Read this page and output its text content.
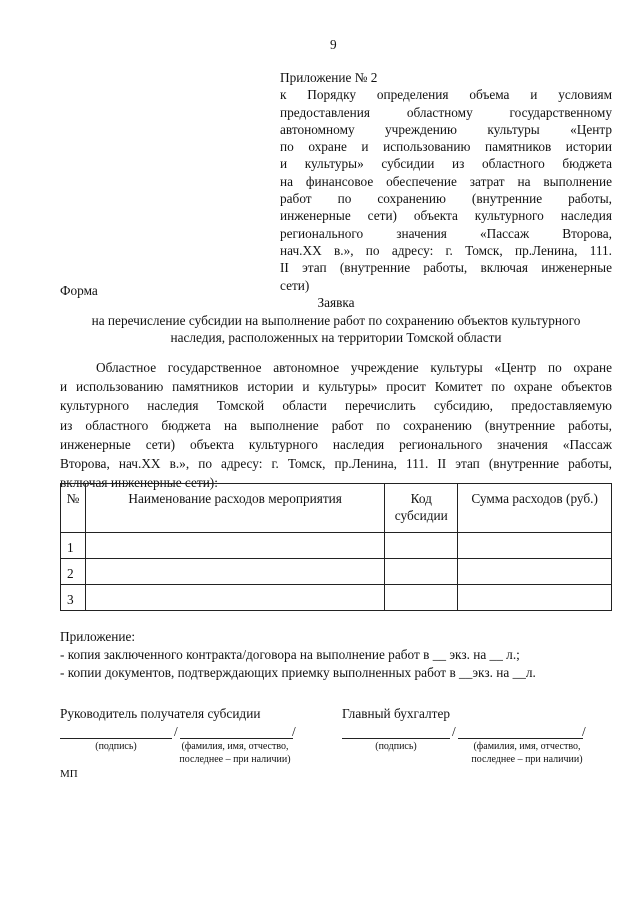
9
Приложение № 2
к Порядку определения объема и условиям
предоставления областному государственному
автономному учреждению культуры «Центр
по охране и использованию памятников истории
и культуры» субсидии из областного бюджета
на финансовое обеспечение затрат на выполнение
работ по сохранению (внутренние работы,
инженерные сети) объекта культурного наследия
регионального значения «Пассаж Второва,
нач.XX в.», по адресу: г. Томск, пр.Ленина, 111.
II этап (внутренние работы, включая инженерные
сети)
Форма
Заявка
на перечисление субсидии на выполнение работ по сохранению объектов культурного
наследия, расположенных на территории Томской области
Областное государственное автономное учреждение культуры «Центр по охране
и использованию памятников истории и культуры» просит Комитет по охране объектов
культурного наследия Томской области перечислить субсидию, предоставляемую
из областного бюджета на выполнение работ по сохранению (внутренние работы,
инженерные сети) объекта культурного наследия регионального значения «Пассаж
Второва, нач.XX в.», по адресу: г. Томск, пр.Ленина, 111. II этап (внутренние работы,
включая инженерные сети):
№	Наименование расходов мероприятия	Код субсидии	Сумма расходов (руб.)
1			
2			
3			
Приложение:
- копия заключенного контракта/договора на выполнение работ в __ экз. на __ л.;
- копии документов, подтверждающих приемку выполненных работ в __экз. на __л.
Руководитель получателя субсидии
/	/
(подпись)	(фамилия, имя, отчество,
последнее – при наличии)
Главный бухгалтер
/	/
(подпись)	(фамилия, имя, отчество,
последнее – при наличии)
МП
